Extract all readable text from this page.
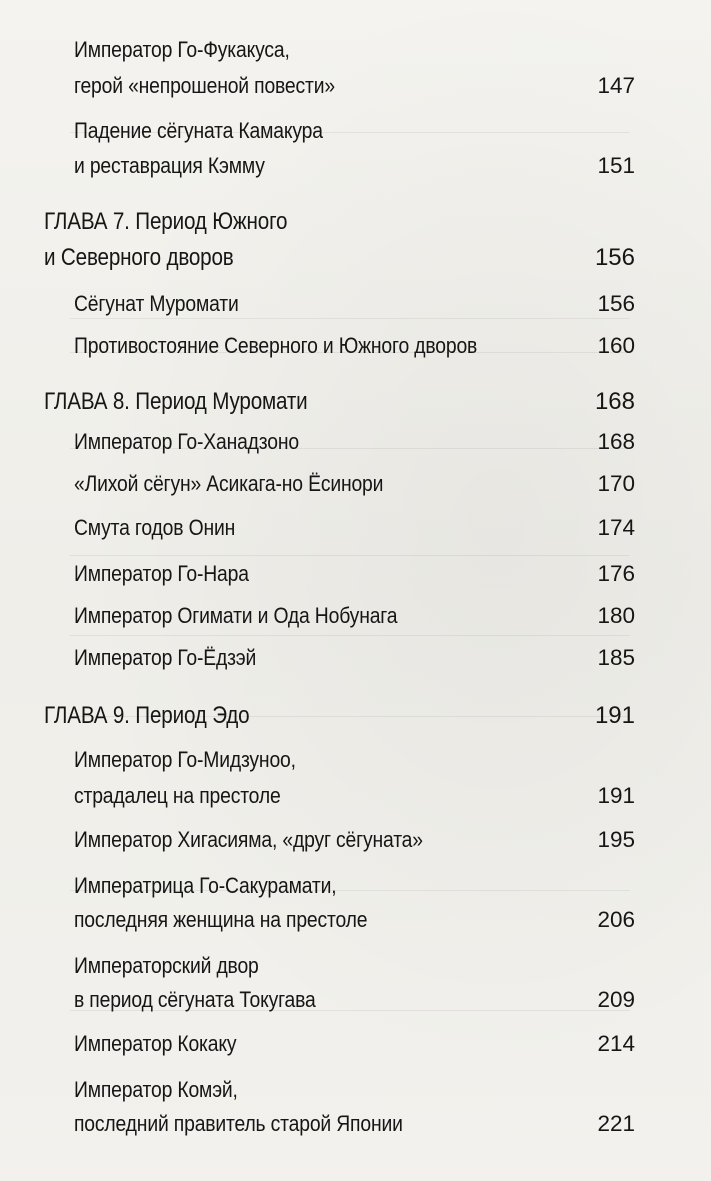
Император Го-Фукакуса,
герой «непрошеной повести»	147
Падение сёгуната Камакура
и реставрация Кэмму	151
ГЛАВА 7. Период Южного
и Северного дворов	156
Сёгунат Муромати	156
Противостояние Северного и Южного дворов	160
ГЛАВА 8. Период Муромати	168
Император Го-Ханадзоно	168
«Лихой сёгун» Асикага-но Ёсинори	170
Смута годов Онин	174
Император Го-Нара	176
Император Огимати и Ода Нобунага	180
Император Го-Ёдзэй	185
ГЛАВА 9. Период Эдо	191
Император Го-Мидзуноо,
страдалец на престоле	191
Император Хигасияма, «друг сёгуната»	195
Императрица Го-Сакурамати,
последняя женщина на престоле	206
Императорский двор
в период сёгуната Токугава	209
Император Кокаку	214
Император Комэй,
последний правитель старой Японии	221
